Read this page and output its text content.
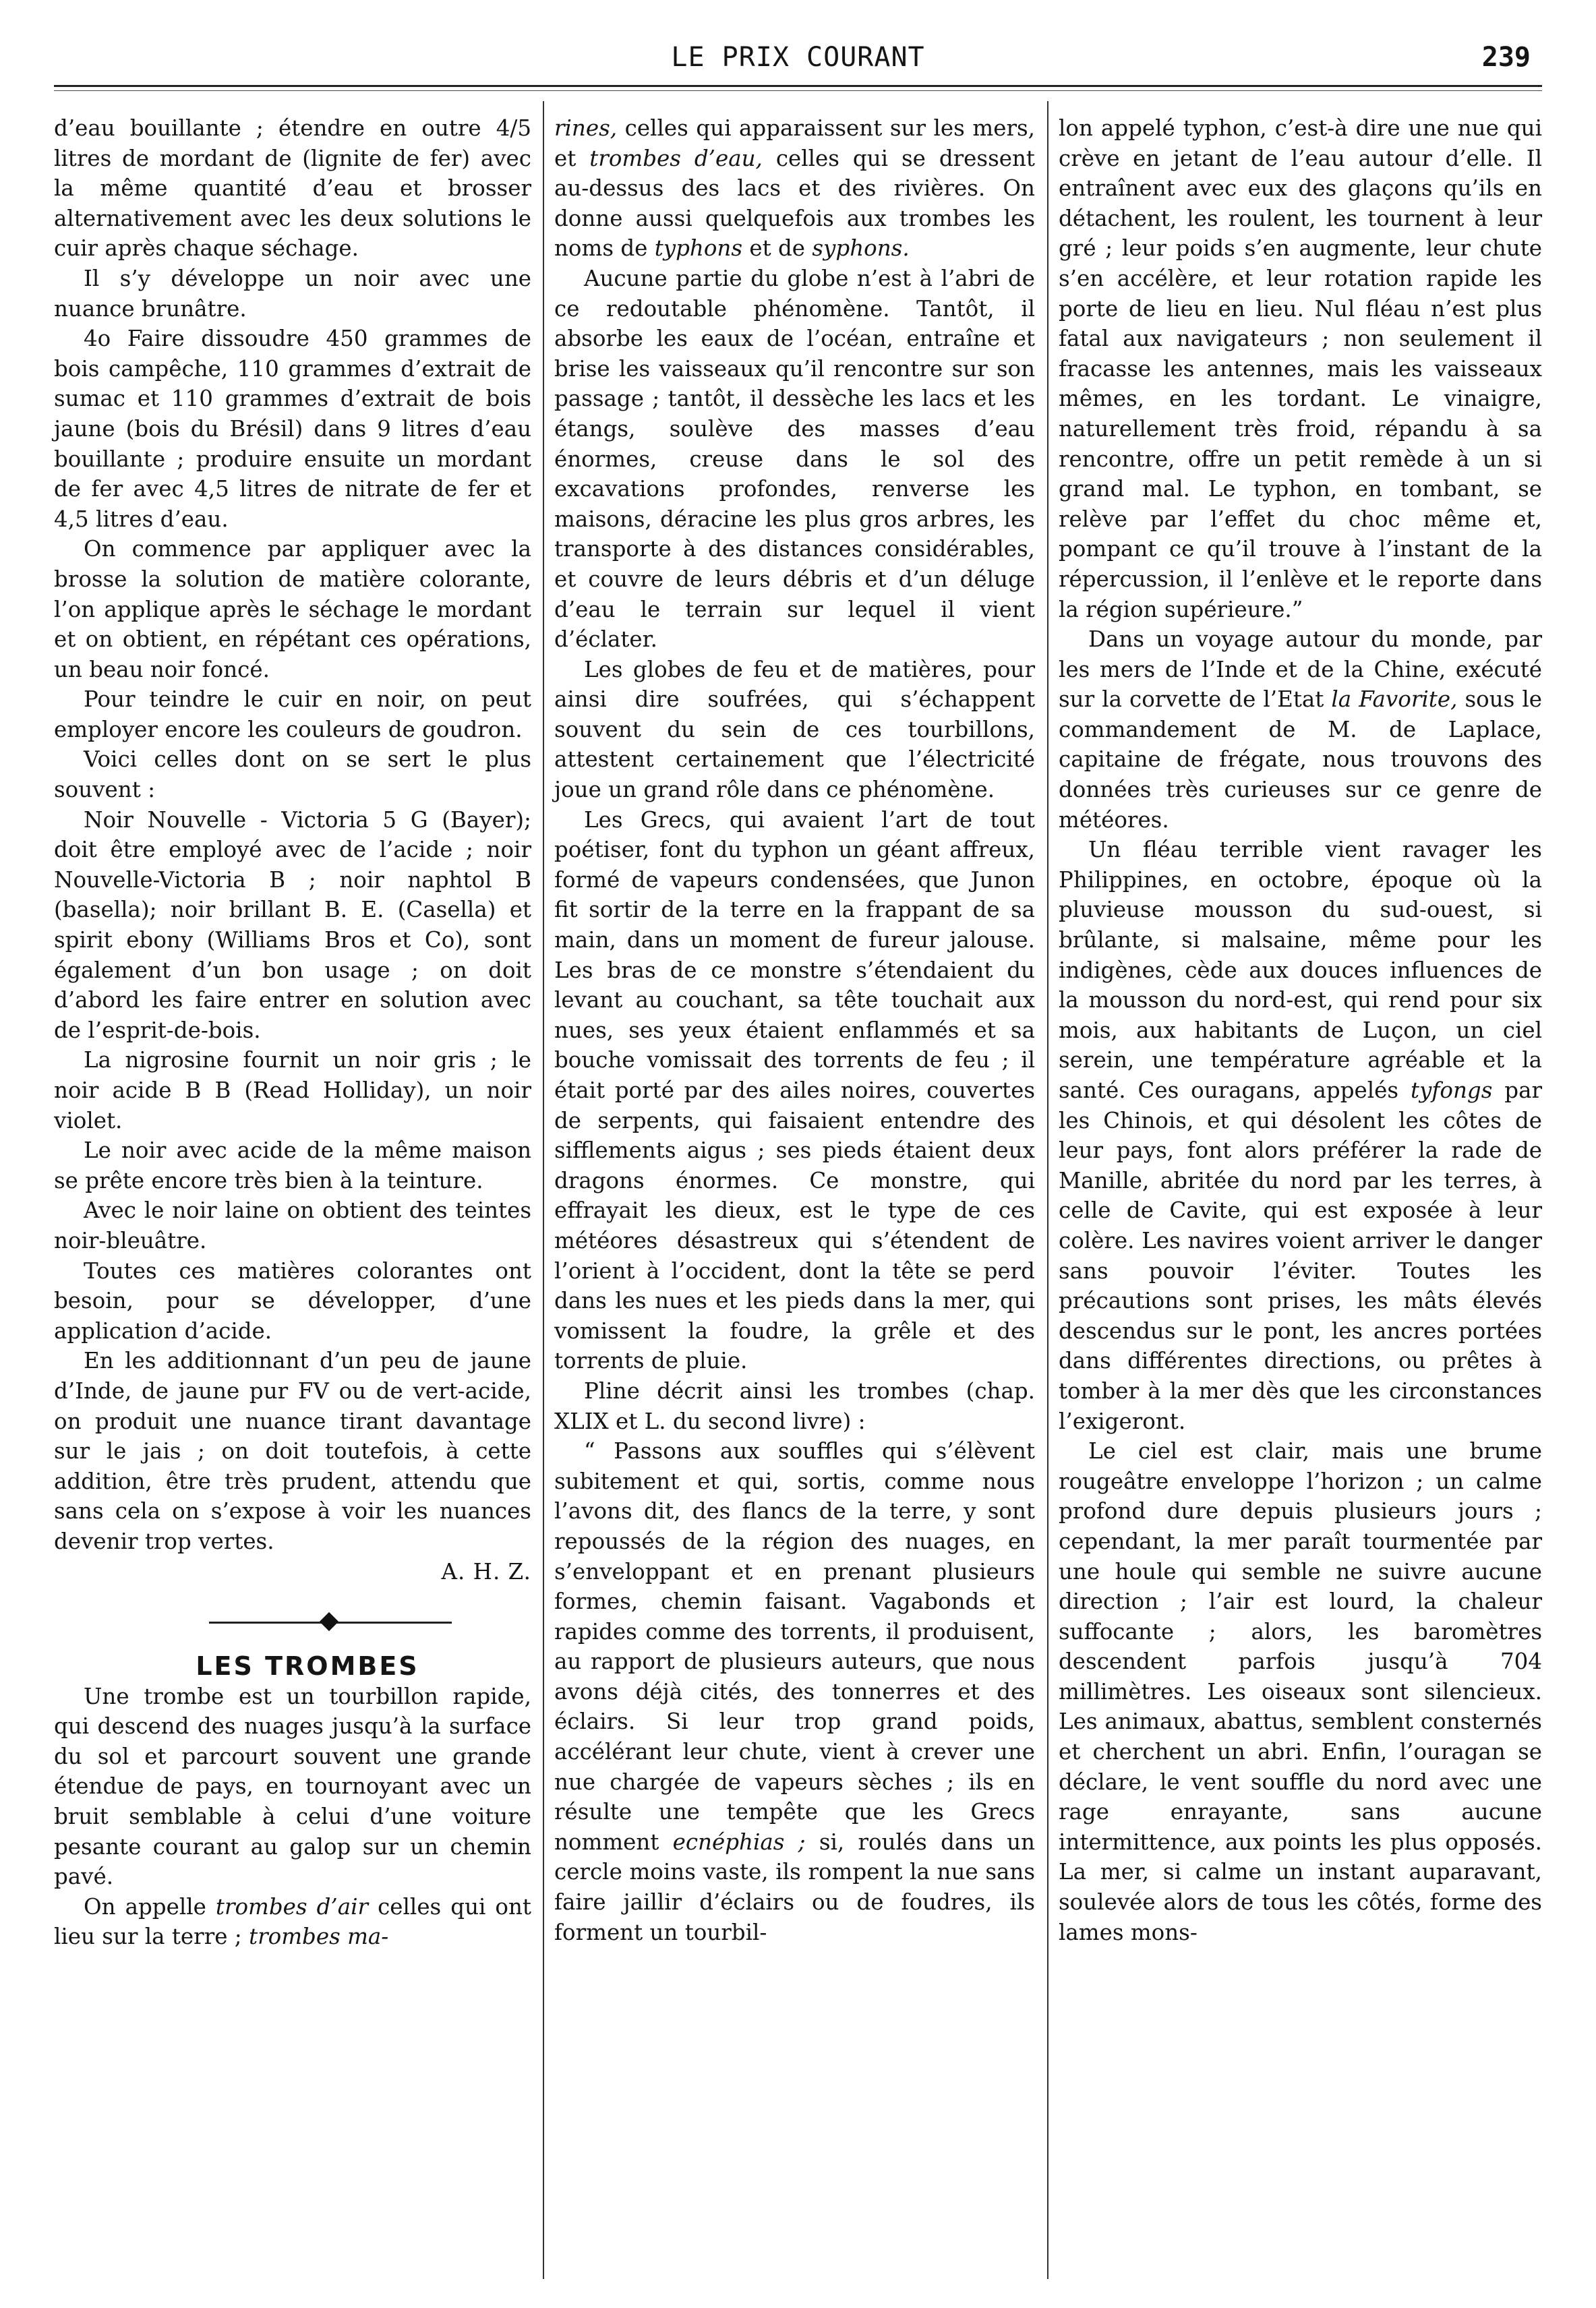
LE PRIX COURANT	239

d’eau bouillante ; étendre en outre 4/5 litres de mordant de (lignite de fer) avec la même quantité d’eau et brosser alternativement avec les deux solutions le cuir après chaque séchage.

Il s’y développe un noir avec une nuance brunâtre.

4o Faire dissoudre 450 grammes de bois campêche, 110 grammes d’extrait de sumac et 110 grammes d’extrait de bois jaune (bois du Brésil) dans 9 litres d’eau bouillante ; produire ensuite un mordant de fer avec 4,5 litres de nitrate de fer et 4,5 litres d’eau.

On commence par appliquer avec la brosse la solution de matière colorante, l’on applique après le séchage le mordant et on obtient, en répétant ces opérations, un beau noir foncé.

Pour teindre le cuir en noir, on peut employer encore les couleurs de goudron.

Voici celles dont on se sert le plus souvent :

Noir Nouvelle - Victoria 5 G (Bayer); doit être employé avec de l’acide ; noir Nouvelle-Victoria B ; noir naphtol B (basella); noir brillant B. E. (Casella) et spirit ebony (Williams Bros et Co), sont également d’un bon usage ; on doit d’abord les faire entrer en solution avec de l’esprit-de-bois.

La nigrosine fournit un noir gris ; le noir acide B B (Read Holliday), un noir violet.

Le noir avec acide de la même maison se prête encore très bien à la teinture.

Avec le noir laine on obtient des teintes noir-bleuâtre.

Toutes ces matières colorantes ont besoin, pour se développer, d’une application d’acide.

En les additionnant d’un peu de jaune d’Inde, de jaune pur FV ou de vert-acide, on produit une nuance tirant davantage sur le jais ; on doit toutefois, à cette addition, être très prudent, attendu que sans cela on s’expose à voir les nuances devenir trop vertes.

A. H. Z.

LES TROMBES

Une trombe est un tourbillon rapide, qui descend des nuages jusqu’à la surface du sol et parcourt souvent une grande étendue de pays, en tournoyant avec un bruit semblable à celui d’une voiture pesante courant au galop sur un chemin pavé.

On appelle trombes d’air celles qui ont lieu sur la terre ; trombes ma-

rines, celles qui apparaissent sur les mers, et trombes d’eau, celles qui se dressent au-dessus des lacs et des rivières. On donne aussi quelquefois aux trombes les noms de typhons et de syphons.

Aucune partie du globe n’est à l’abri de ce redoutable phénomène. Tantôt, il absorbe les eaux de l’océan, entraîne et brise les vaisseaux qu’il rencontre sur son passage ; tantôt, il dessèche les lacs et les étangs, soulève des masses d’eau énormes, creuse dans le sol des excavations profondes, renverse les maisons, déracine les plus gros arbres, les transporte à des distances considérables, et couvre de leurs débris et d’un déluge d’eau le terrain sur lequel il vient d’éclater.

Les globes de feu et de matières, pour ainsi dire soufrées, qui s’échappent souvent du sein de ces tourbillons, attestent certainement que l’électricité joue un grand rôle dans ce phénomène.

Les Grecs, qui avaient l’art de tout poétiser, font du typhon un géant affreux, formé de vapeurs condensées, que Junon fit sortir de la terre en la frappant de sa main, dans un moment de fureur jalouse. Les bras de ce monstre s’étendaient du levant au couchant, sa tête touchait aux nues, ses yeux étaient enflammés et sa bouche vomissait des torrents de feu ; il était porté par des ailes noires, couvertes de serpents, qui faisaient entendre des sifflements aigus ; ses pieds étaient deux dragons énormes. Ce monstre, qui effrayait les dieux, est le type de ces météores désastreux qui s’étendent de l’orient à l’occident, dont la tête se perd dans les nues et les pieds dans la mer, qui vomissent la foudre, la grêle et des torrents de pluie.

Pline décrit ainsi les trombes (chap. XLIX et L. du second livre) :

“ Passons aux souffles qui s’élèvent subitement et qui, sortis, comme nous l’avons dit, des flancs de la terre, y sont repoussés de la région des nuages, en s’enveloppant et en prenant plusieurs formes, chemin faisant. Vagabonds et rapides comme des torrents, il produisent, au rapport de plusieurs auteurs, que nous avons déjà cités, des tonnerres et des éclairs. Si leur trop grand poids, accélérant leur chute, vient à crever une nue chargée de vapeurs sèches ; ils en résulte une tempête que les Grecs nomment ecnéphias ; si, roulés dans un cercle moins vaste, ils rompent la nue sans faire jaillir d’éclairs ou de foudres, ils forment un tourbil-

lon appelé typhon, c’est-à dire une nue qui crève en jetant de l’eau autour d’elle. Il entraînent avec eux des glaçons qu’ils en détachent, les roulent, les tournent à leur gré ; leur poids s’en augmente, leur chute s’en accélère, et leur rotation rapide les porte de lieu en lieu. Nul fléau n’est plus fatal aux navigateurs ; non seulement il fracasse les antennes, mais les vaisseaux mêmes, en les tordant. Le vinaigre, naturellement très froid, répandu à sa rencontre, offre un petit remède à un si grand mal. Le typhon, en tombant, se relève par l’effet du choc même et, pompant ce qu’il trouve à l’instant de la répercussion, il l’enlève et le reporte dans la région supérieure.”

Dans un voyage autour du monde, par les mers de l’Inde et de la Chine, exécuté sur la corvette de l’Etat la Favorite, sous le commandement de M. de Laplace, capitaine de frégate, nous trouvons des données très curieuses sur ce genre de météores.

Un fléau terrible vient ravager les Philippines, en octobre, époque où la pluvieuse mousson du sud-ouest, si brûlante, si malsaine, même pour les indigènes, cède aux douces influences de la mousson du nord-est, qui rend pour six mois, aux habitants de Luçon, un ciel serein, une température agréable et la santé. Ces ouragans, appelés tyfongs par les Chinois, et qui désolent les côtes de leur pays, font alors préférer la rade de Manille, abritée du nord par les terres, à celle de Cavite, qui est exposée à leur colère. Les navires voient arriver le danger sans pouvoir l’éviter. Toutes les précautions sont prises, les mâts élevés descendus sur le pont, les ancres portées dans différentes directions, ou prêtes à tomber à la mer dès que les circonstances l’exigeront.

Le ciel est clair, mais une brume rougeâtre enveloppe l’horizon ; un calme profond dure depuis plusieurs jours ; cependant, la mer paraît tourmentée par une houle qui semble ne suivre aucune direction ; l’air est lourd, la chaleur suffocante ; alors, les baromètres descendent parfois jusqu’à 704 millimètres. Les oiseaux sont silencieux. Les animaux, abattus, semblent consternés et cherchent un abri. Enfin, l’ouragan se déclare, le vent souffle du nord avec une rage enrayante, sans aucune intermittence, aux points les plus opposés. La mer, si calme un instant auparavant, soulevée alors de tous les côtés, forme des lames mons-
